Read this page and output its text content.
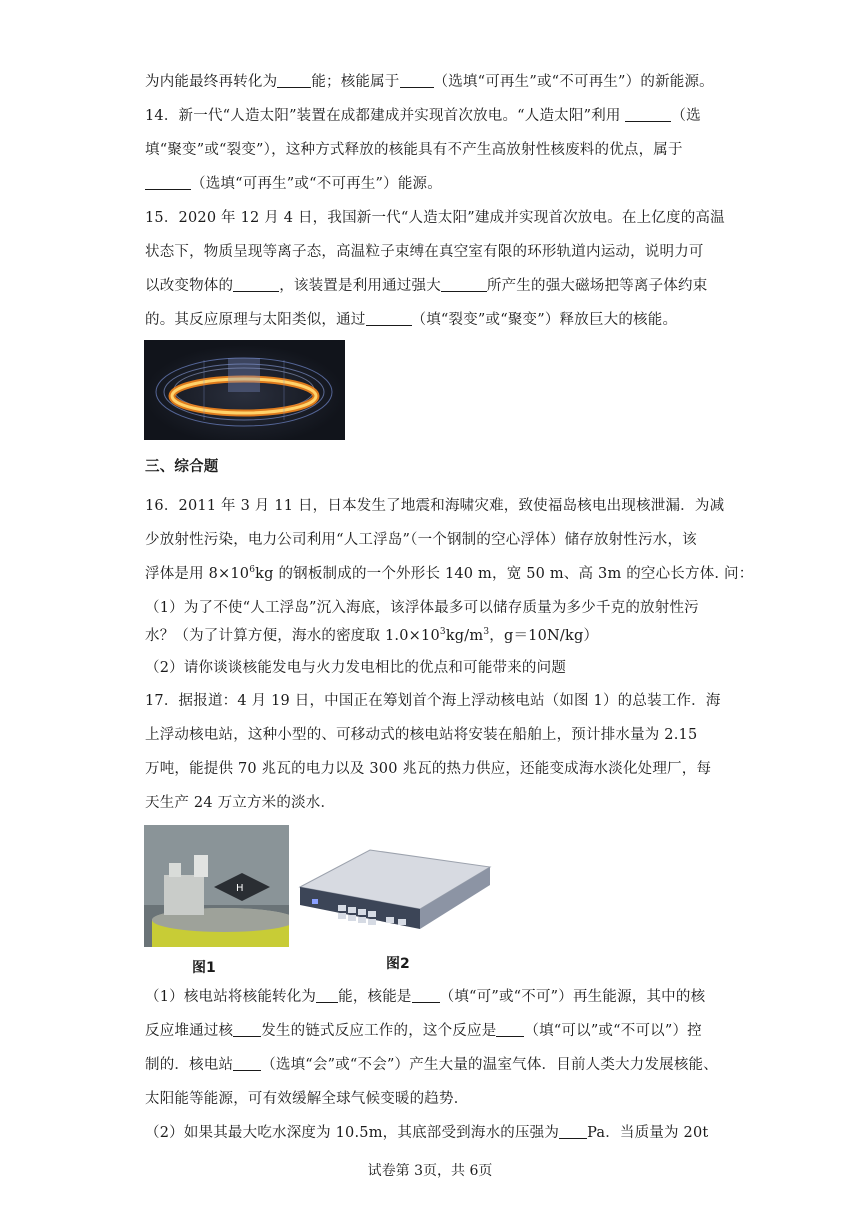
为内能最终再转化为 能；核能属于 （选填“可再生”或“不可再生”）的新能源。
14．新一代“人造太阳”装置在成都建成并实现首次放电。“人造太阳”利用	（选
填“聚变”或“裂变”），这种方式释放的核能具有不产生高放射性核废料的优点，属于
（选填“可再生”或“不可再生”）能源。
15．2020 年 12 月 4 日，我国新一代“人造太阳”建成并实现首次放电。在上亿度的高温
状态下，物质呈现等离子态，高温粒子束缚在真空室有限的环形轨道内运动，说明力可
以改变物体的	，该装置是利用通过强大	所产生的强大磁场把等离子体约束
的。其反应原理与太阳类似，通过	（填“裂变”或“聚变”）释放巨大的核能。
三、综合题
16．2011 年 3 月 11 日，日本发生了地震和海啸灾难，致使福岛核电出现核泄漏．为减
少放射性污染，电力公司利用“人工浮岛”（一个钢制的空心浮体）储存放射性污水，该
浮体是用 $8\times 10^6kg$ 的钢板制成的一个外形长 140 m，宽 50 m、高 3m 的空心长方体. 问：
（1）为了不使“人工浮岛”沉入海底，该浮体最多可以储存质量为多少千克的放射性污
水？（为了计算方便，海水的密度取 $1.0\times 10^3kg/m^3$，g＝10N/kg）
（2）请你谈谈核能发电与火力发电相比的优点和可能带来的问题
17．据报道：4 月 19 日，中国正在筹划首个海上浮动核电站（如图 1）的总装工作．海
上浮动核电站，这种小型的、可移动式的核电站将安装在船舶上，预计排水量为 2.15
万吨，能提供 70 兆瓦的电力以及 300 兆瓦的热力供应，还能变成海水淡化处理厂，每
天生产 24 万立方米的淡水．
H
图1	图2
（1）核电站将核能转化为 能，核能是 （填“可”或“不可”）再生能源，其中的核
反应堆通过核 发生的链式反应工作的，这个反应是 （填“可以”或“不可以”）控
制的．核电站 （选填“会”或“不会”）产生大量的温室气体．目前人类大力发展核能、
太阳能等能源，可有效缓解全球气候变暖的趋势．
（2）如果其最大吃水深度为 10.5m，其底部受到海水的压强为 Pa．当质量为 20t
试卷第 3页，共 6页
